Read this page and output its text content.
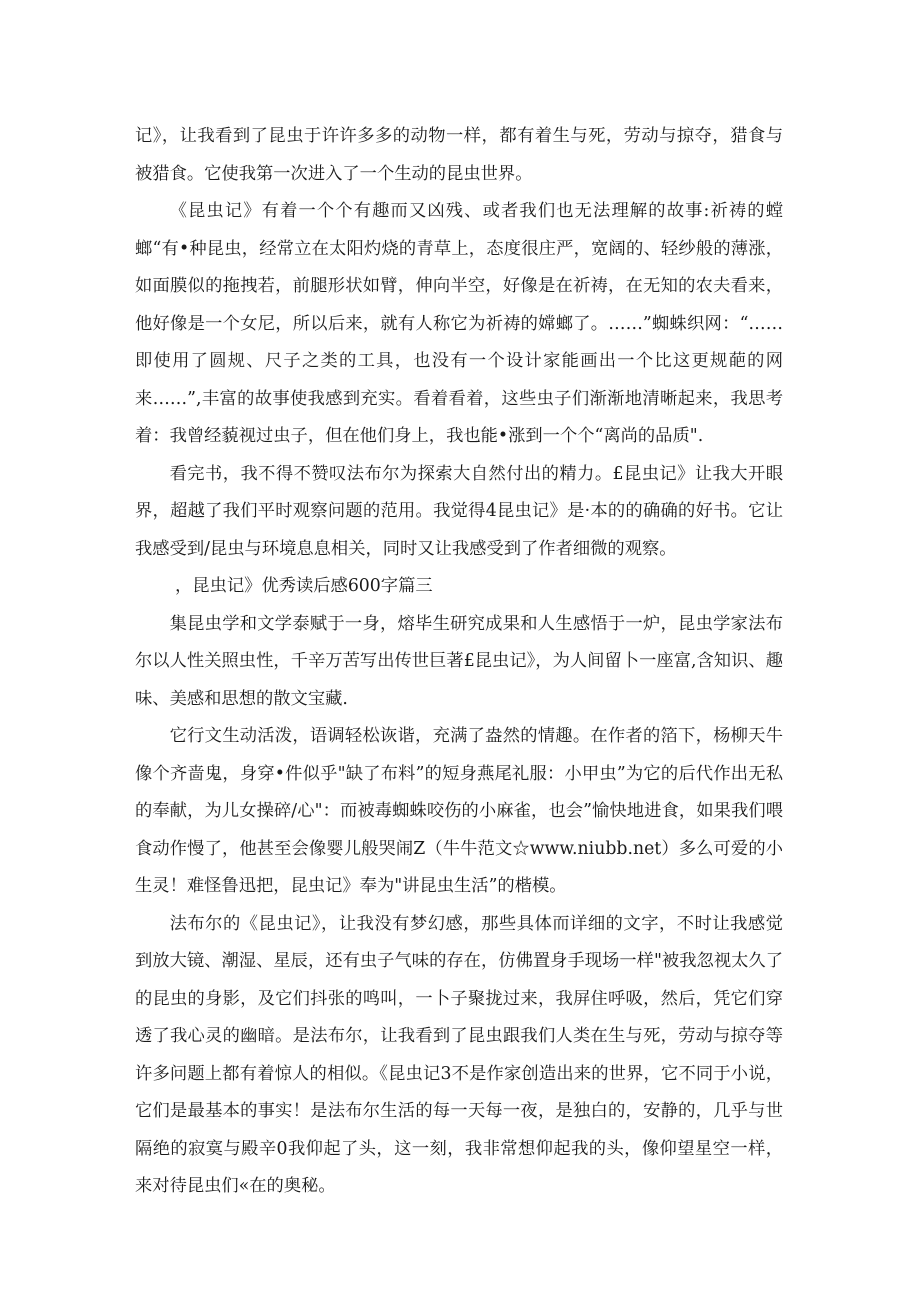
记》，让我看到了昆虫于许许多多的动物一样，都有着生与死，劳动与掠夺，猎食与被猎食。它使我第一次进入了一个生动的昆虫世界。

《昆虫记》有着一个个有趣而又凶残、或者我们也无法理解的故事:祈祷的螳螂“有•种昆虫，经常立在太阳灼烧的青草上，态度很庄严，宽阔的、轻纱般的薄涨，如面膜似的拖拽若，前腿形状如臂，伸向半空，好像是在祈祷，在无知的农夫看来，他好像是一个女尼，所以后来，就有人称它为祈祷的嫦螂了。……”蜘蛛织网：“……即使用了圆规、尺子之类的工具，也没有一个设计家能画出一个比这更规葩的网来……”,丰富的故事使我感到充实。看着看着，这些虫子们渐渐地清晰起来，我思考着：我曾经藐视过虫子，但在他们身上，我也能•涨到一个个“离尚的品质".

看完书，我不得不赞叹法布尔为探索大自然付出的精力。£昆虫记》让我大开眼界，超越了我们平时观察问题的范用。我觉得4昆虫记》是·本的的确确的好书。它让我感受到/昆虫与环境息息相关，同时又让我感受到了作者细微的观察。

，昆虫记》优秀读后感600字篇三

集昆虫学和文学泰赋于一身，熔毕生研究成果和人生感悟于一炉，昆虫学家法布尔以人性关照虫性，千辛万苦写出传世巨著£昆虫记》，为人间留卜一座富,含知识、趣味、美感和思想的散文宝藏.

它行文生动活泼，语调轻松诙谐，充满了盎然的情趣。在作者的箔下，杨柳天牛像个齐啬鬼，身穿•件似乎"缺了布料”的短身燕尾礼服：小甲虫”为它的后代作出无私的奉献，为儿女操碎/心"：而被毒蜘蛛咬伤的小麻雀，也会”愉快地进食，如果我们喂食动作慢了，他甚至会像婴儿般哭闹Z（牛牛范文☆www.niubb.net）多么可爱的小生灵！难怪鲁迅把，昆虫记》奉为"讲昆虫生活”的楷模。

法布尔的《昆虫记》，让我没有梦幻感，那些具体而详细的文字，不时让我感觉到放大镜、潮湿、星辰，还有虫子气味的存在，仿佛置身手现场一样"被我忽视太久了的昆虫的身影，及它们抖张的鸣叫，一卜子聚拢过来，我屏住呼吸，然后，凭它们穿透了我心灵的幽暗。是法布尔，让我看到了昆虫跟我们人类在生与死，劳动与掠夺等许多问题上都有着惊人的相似。《昆虫记3不是作家创造出来的世界，它不同于小说，它们是最基本的事实！是法布尔生活的每一天每一夜，是独白的，安静的，几乎与世隔绝的寂寞与殿辛0我仰起了头，这一刻，我非常想仰起我的头，像仰望星空一样，来对待昆虫们«在的奥秘。
